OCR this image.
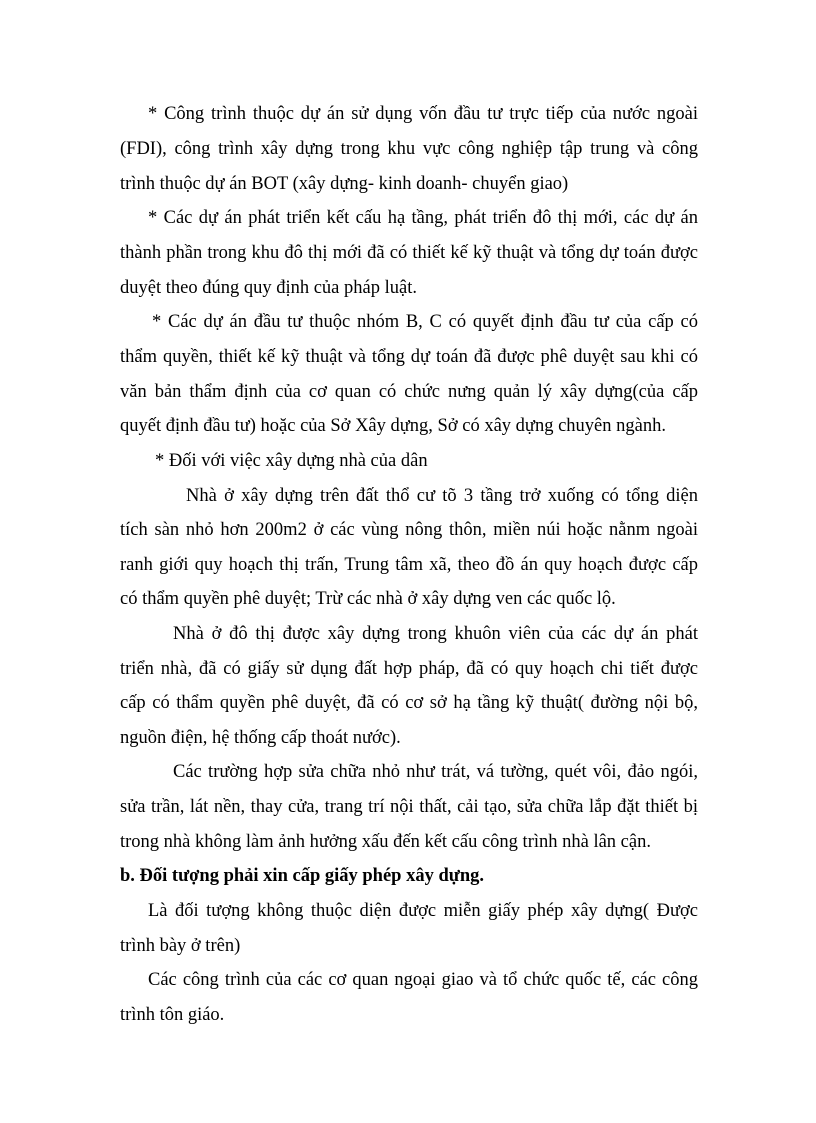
* Công trình thuộc dự án sử dụng vốn đầu tư trực tiếp của nước ngoài
(FDI), công trình xây dựng trong khu vực công nghiệp tập trung và công
trình thuộc dự án BOT (xây dựng- kinh doanh- chuyển giao)
* Các dự án phát triển kết cấu hạ tầng, phát triển đô thị mới, các dự án
thành phần trong khu đô thị mới đã có thiết kế kỹ thuật và tổng dự toán được
duyệt theo đúng quy định của pháp luật.
* Các dự án đầu tư thuộc nhóm B, C có quyết định đầu tư của cấp có
thẩm quyền, thiết kế kỹ thuật và tổng dự toán đã được phê duyệt sau khi có
văn bản thẩm định của cơ quan có chức nưng quản lý xây dựng(của cấp
quyết định đầu tư) hoặc của Sở Xây dựng, Sở có xây dựng chuyên ngành.
* Đối với việc xây dựng nhà của dân
Nhà ở xây dựng trên đất thổ cư tõ 3 tầng trở xuống có tổng diện
tích sàn nhỏ hơn 200m2 ở các vùng nông thôn, miền núi hoặc nằnm ngoài
ranh giới quy hoạch thị trấn, Trung tâm xã, theo đồ án quy hoạch được cấp
có thẩm quyền phê duyệt; Trừ các nhà ở xây dựng ven các quốc lộ.
Nhà ở đô thị được xây dựng trong khuôn viên của các dự án phát
triển nhà, đã có giấy sử dụng đất hợp pháp, đã có quy hoạch chi tiết được
cấp có thẩm quyền phê duyệt, đã có cơ sở hạ tầng kỹ thuật( đường nội bộ,
nguồn điện, hệ thống cấp thoát nước).
Các trường hợp sửa chữa nhỏ như trát, vá tường, quét vôi, đảo ngói,
sửa trần, lát nền, thay cửa, trang trí nội thất, cải tạo, sửa chữa lắp đặt thiết bị
trong nhà không làm ảnh hưởng xấu đến kết cấu công trình nhà lân cận.
b. Đối tượng phải xin cấp giấy phép xây dựng.
Là đối tượng không thuộc diện được miễn giấy phép xây dựng( Được
trình bày ở trên)
Các công trình của các cơ quan ngoại giao và tổ chức quốc tế, các công
trình tôn giáo.
